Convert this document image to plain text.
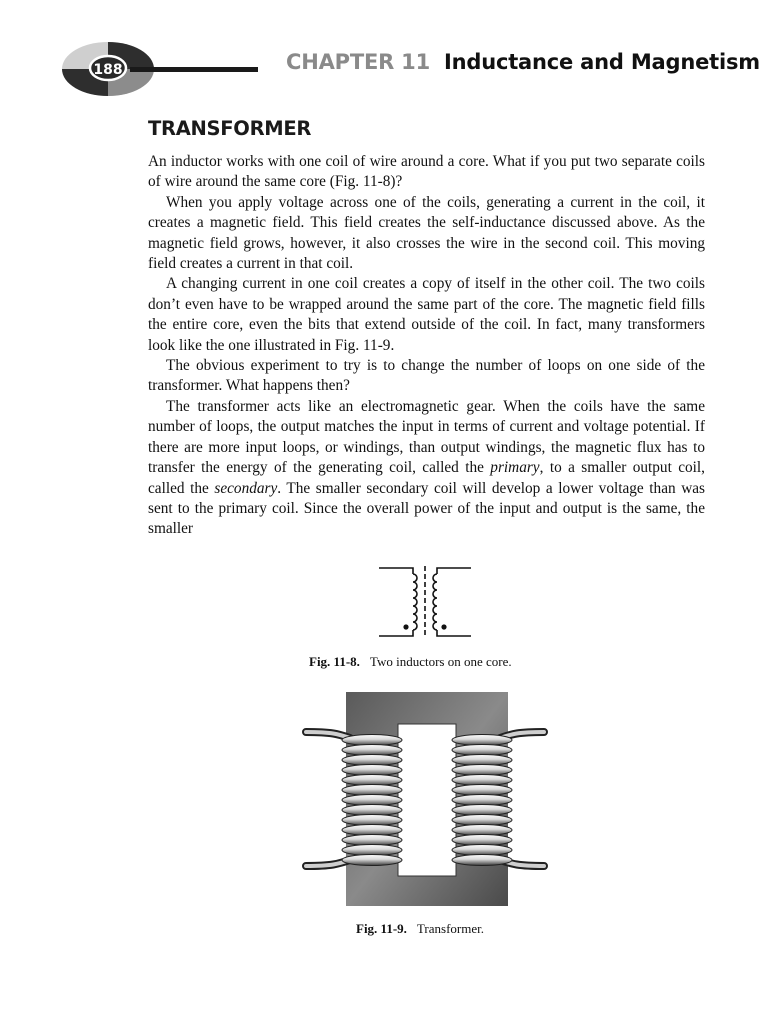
188	CHAPTER 11 Inductance and Magnetism
TRANSFORMER

An inductor works with one coil of wire around a core. What if you put two separate coils of wire around the same core (Fig. 11-8)?

When you apply voltage across one of the coils, generating a current in the coil, it creates a magnetic field. This field creates the self-inductance discussed above. As the magnetic field grows, however, it also crosses the wire in the second coil. This moving field creates a current in that coil.

A changing current in one coil creates a copy of itself in the other coil. The two coils don’t even have to be wrapped around the same part of the core. The magnetic field fills the entire core, even the bits that extend outside of the coil. In fact, many transformers look like the one illustrated in Fig. 11-9.

The obvious experiment to try is to change the number of loops on one side of the transformer. What happens then?

The transformer acts like an electromagnetic gear. When the coils have the same number of loops, the output matches the input in terms of current and voltage potential. If there are more input loops, or windings, than output windings, the magnetic flux has to transfer the energy of the generating coil, called the primary, to a smaller output coil, called the secondary. The smaller secondary coil will develop a lower voltage than was sent to the primary coil. Since the overall power of the input and output is the same, the smaller

Fig. 11-8. Two inductors on one core.
Fig. 11-9. Transformer.
